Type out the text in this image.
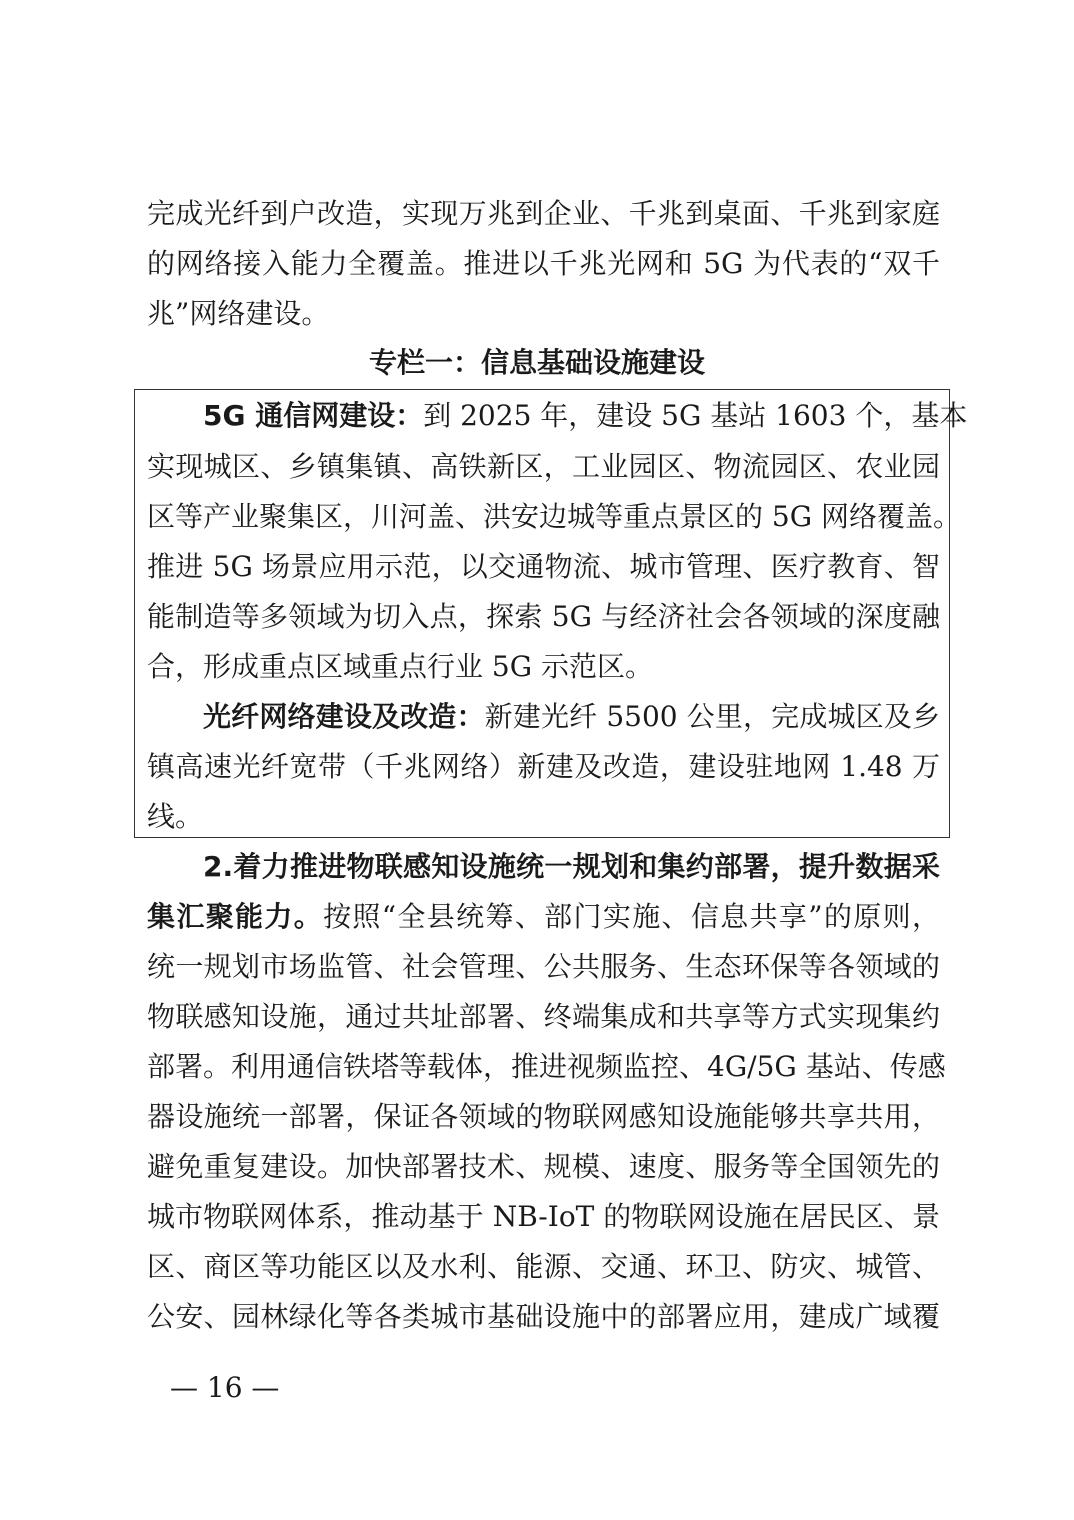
完成光纤到户改造，实现万兆到企业、千兆到桌面、千兆到家庭
的网络接入能力全覆盖。推进以千兆光网和 5G 为代表的“双千
兆”网络建设。
专栏一：信息基础设施建设
5G 通信网建设：到 2025 年，建设 5G 基站 1603 个，基本
实现城区、乡镇集镇、高铁新区，工业园区、物流园区、农业园
区等产业聚集区，川河盖、洪安边城等重点景区的 5G 网络覆盖。
推进 5G 场景应用示范，以交通物流、城市管理、医疗教育、智
能制造等多领域为切入点，探索 5G 与经济社会各领域的深度融
合，形成重点区域重点行业 5G 示范区。
光纤网络建设及改造：新建光纤 5500 公里，完成城区及乡
镇高速光纤宽带（千兆网络）新建及改造，建设驻地网 1.48 万
线。
2.着力推进物联感知设施统一规划和集约部署，提升数据采
集汇聚能力。按照“全县统筹、部门实施、信息共享”的原则，
统一规划市场监管、社会管理、公共服务、生态环保等各领域的
物联感知设施，通过共址部署、终端集成和共享等方式实现集约
部署。利用通信铁塔等载体，推进视频监控、4G/5G 基站、传感
器设施统一部署，保证各领域的物联网感知设施能够共享共用，
避免重复建设。加快部署技术、规模、速度、服务等全国领先的
城市物联网体系，推动基于 NB-IoT 的物联网设施在居民区、景
区、商区等功能区以及水利、能源、交通、环卫、防灾、城管、
公安、园林绿化等各类城市基础设施中的部署应用，建成广域覆
— 16 —
